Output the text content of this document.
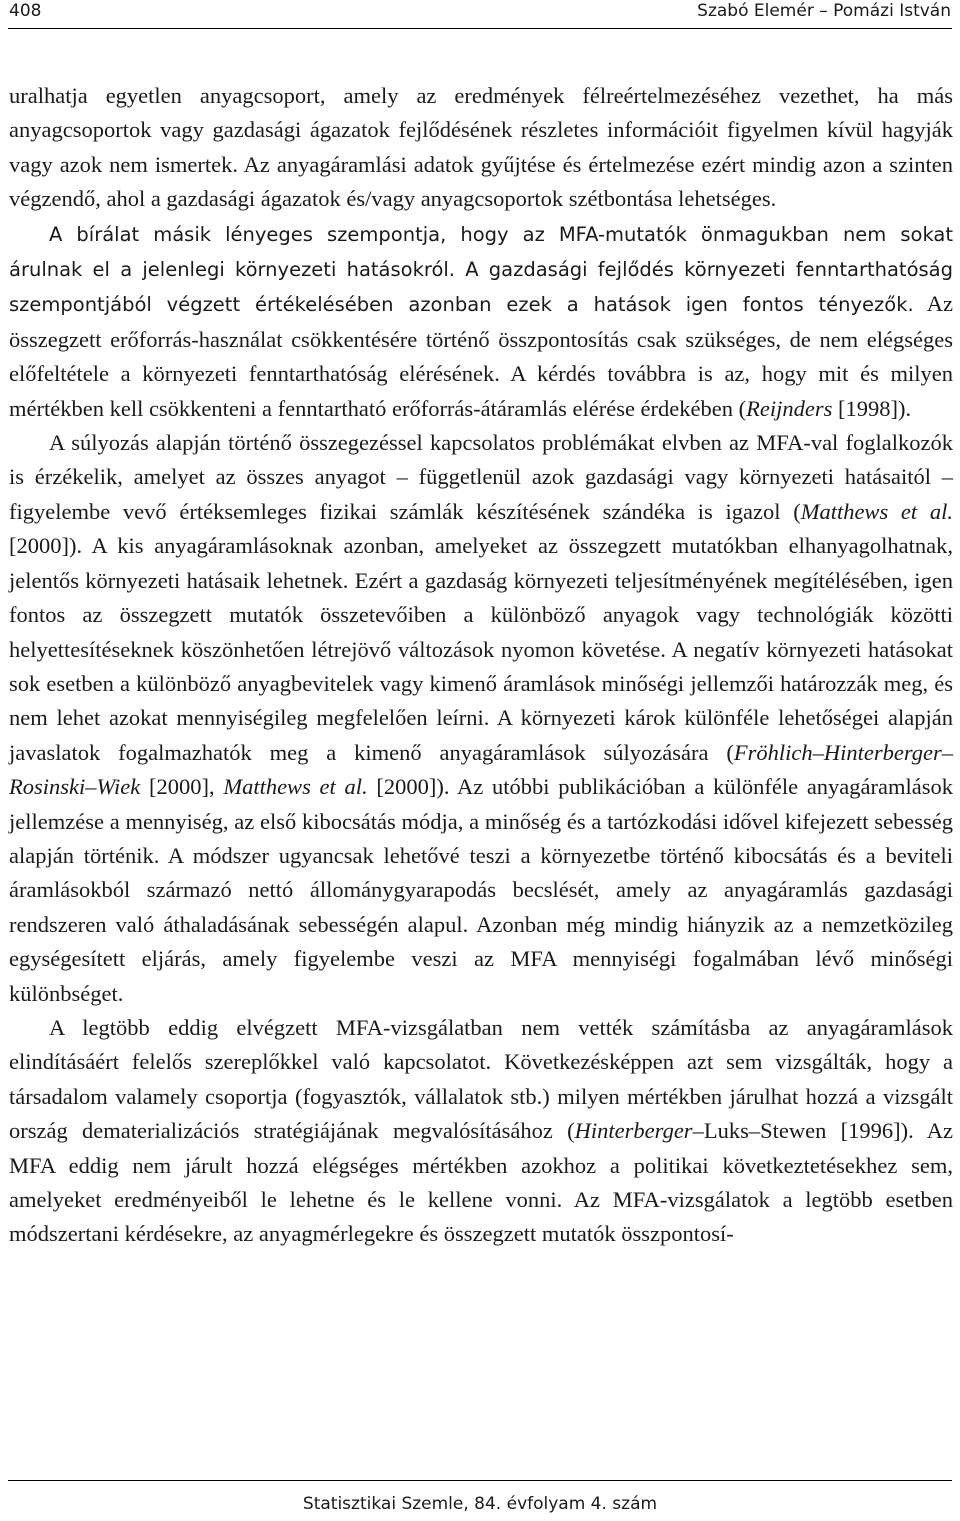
408	Szabó Elemér – Pomázi István

uralhatja egyetlen anyagcsoport, amely az eredmények félreértelmezéséhez vezethet, ha más anyagcsoportok vagy gazdasági ágazatok fejlődésének részletes információit figyelmen kívül hagyják vagy azok nem ismertek. Az anyagáramlási adatok gyűjtése és értelmezése ezért mindig azon a szinten végzendő, ahol a gazdasági ágazatok és/vagy anyagcsoportok szétbontása lehetséges.

A bírálat másik lényeges szempontja, hogy az MFA-mutatók önmagukban nem sokat árulnak el a jelenlegi környezeti hatásokról. A gazdasági fejlődés környezeti fenntarthatóság szempontjából végzett értékelésében azonban ezek a hatások igen fontos tényezők. Az összegzett erőforrás-használat csökkentésére történő összpontosítás csak szükséges, de nem elégséges előfeltétele a környezeti fenntarthatóság elérésének. A kérdés továbbra is az, hogy mit és milyen mértékben kell csökkenteni a fenntartható erőforrás-átáramlás elérése érdekében (Reijnders [1998]).

A súlyozás alapján történő összegezéssel kapcsolatos problémákat elvben az MFA-val foglalkozók is érzékelik, amelyet az összes anyagot – függetlenül azok gazdasági vagy környezeti hatásaitól – figyelembe vevő értéksemleges fizikai számlák készítésének szándéka is igazol (Matthews et al. [2000]). A kis anyagáramlásoknak azonban, amelyeket az összegzett mutatókban elhanyagolhatnak, jelentős környezeti hatásaik lehetnek. Ezért a gazdaság környezeti teljesítményének megítélésében, igen fontos az összegzett mutatók összetevőiben a különböző anyagok vagy technológiák közötti helyettesítéseknek köszönhetően létrejövő változások nyomon követése. A negatív környezeti hatásokat sok esetben a különböző anyagbevitelek vagy kimenő áramlások minőségi jellemzői határozzák meg, és nem lehet azokat mennyiségileg megfelelően leírni. A környezeti károk különféle lehetőségei alapján javaslatok fogalmazhatók meg a kimenő anyagáramlások súlyozására (Fröhlich–Hinterberger–Rosinski–Wiek [2000], Matthews et al. [2000]). Az utóbbi publikációban a különféle anyagáramlások jellemzése a mennyiség, az első kibocsátás módja, a minőség és a tartózkodási idővel kifejezett sebesség alapján történik. A módszer ugyancsak lehetővé teszi a környezetbe történő kibocsátás és a beviteli áramlásokból származó nettó állománygyarapodás becslését, amely az anyagáramlás gazdasági rendszeren való áthaladásának sebességén alapul. Azonban még mindig hiányzik az a nemzetközileg egységesített eljárás, amely figyelembe veszi az MFA mennyiségi fogalmában lévő minőségi különbséget.

A legtöbb eddig elvégzett MFA-vizsgálatban nem vették számításba az anyagáramlások elindításáért felelős szereplőkkel való kapcsolatot. Következésképpen azt sem vizsgálták, hogy a társadalom valamely csoportja (fogyasztók, vállalatok stb.) milyen mértékben járulhat hozzá a vizsgált ország dematerializációs stratégiájának megvalósításához (Hinterberger–Luks–Stewen [1996]). Az MFA eddig nem járult hozzá elégséges mértékben azokhoz a politikai következtetésekhez sem, amelyeket eredményeiből le lehetne és le kellene vonni. Az MFA-vizsgálatok a legtöbb esetben módszertani kérdésekre, az anyagmérlegekre és összegzett mutatók összpontosí-

Statisztikai Szemle, 84. évfolyam 4. szám
